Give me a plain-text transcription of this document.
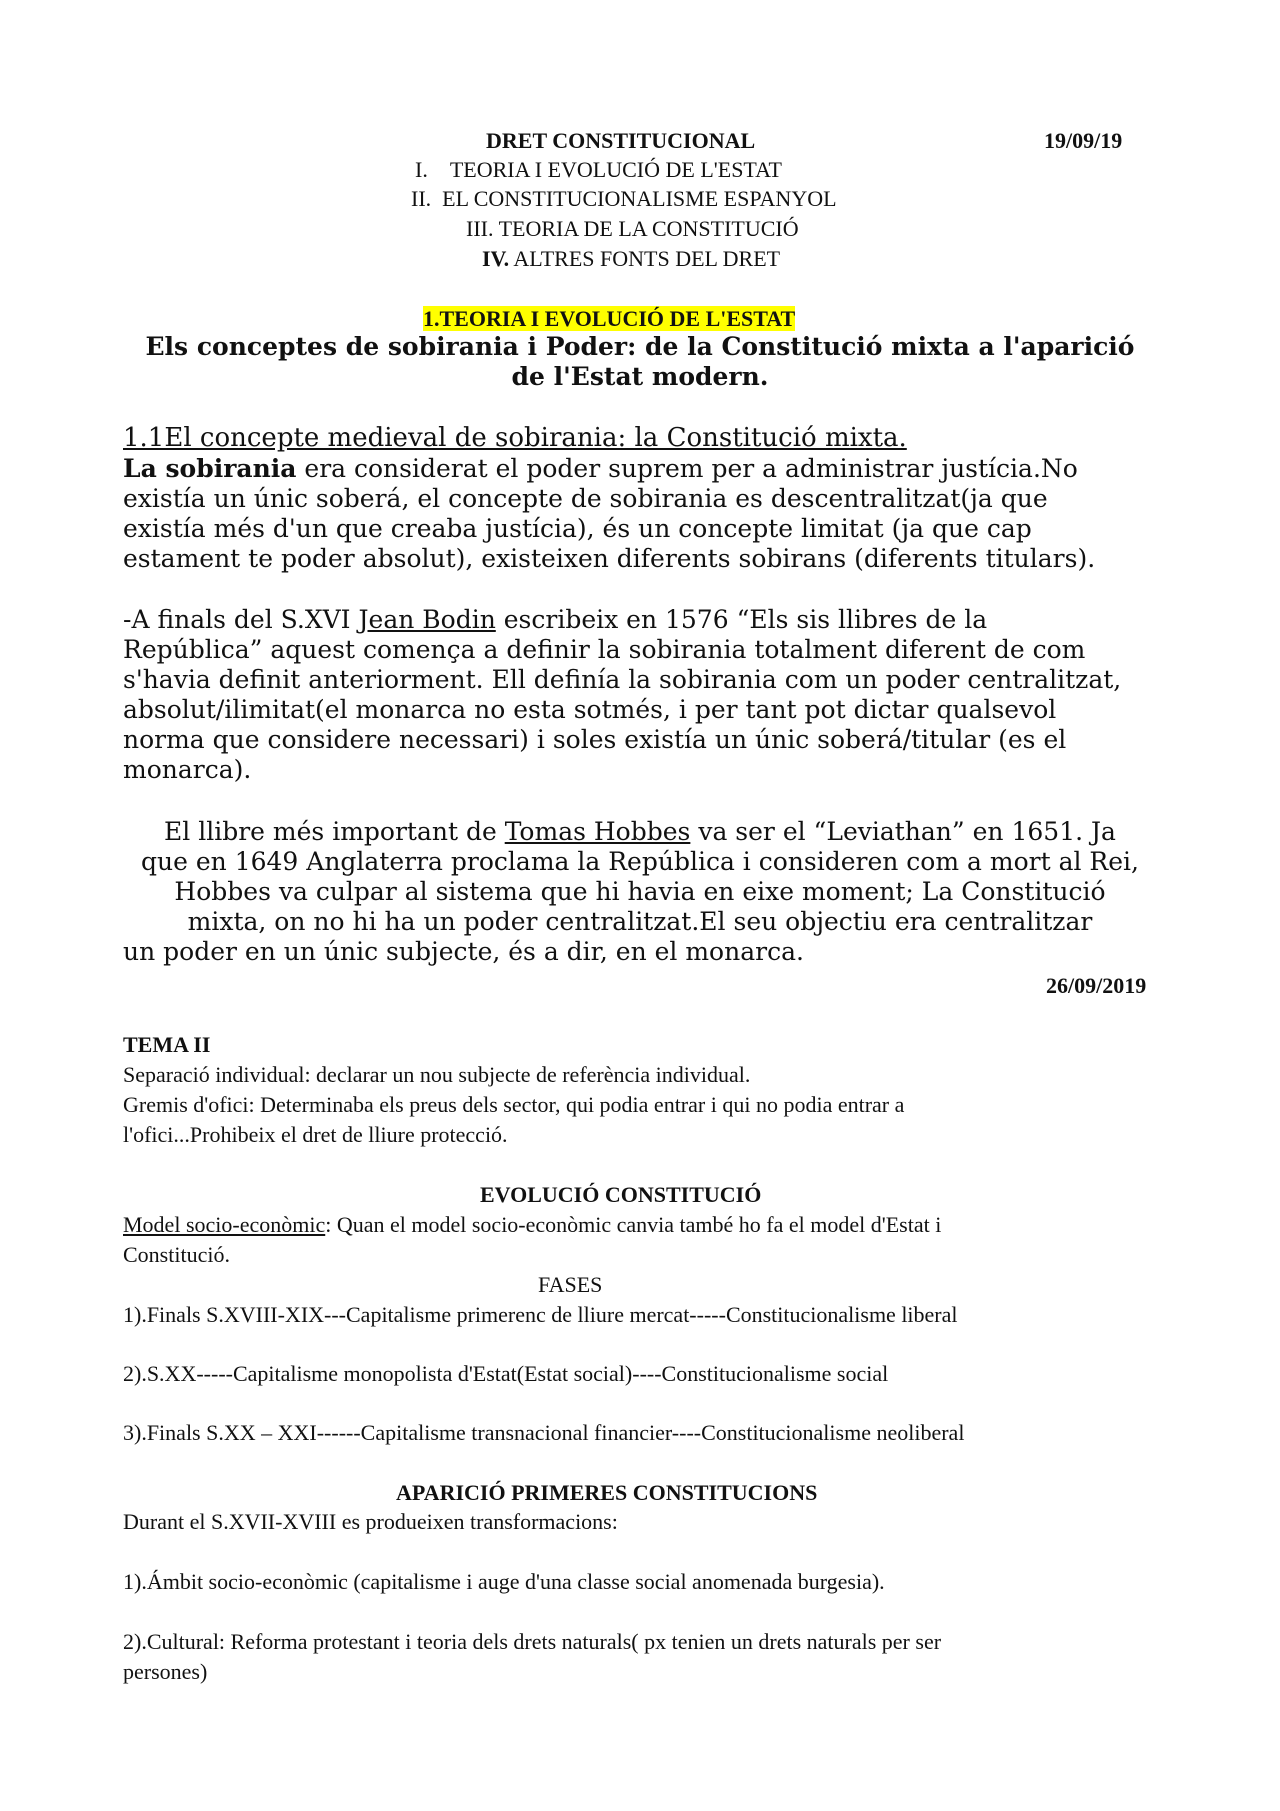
DRET CONSTITUCIONAL	19/09/19
I. TEORIA I EVOLUCIÓ DE L'ESTAT
II. EL CONSTITUCIONALISME ESPANYOL
III. TEORIA DE LA CONSTITUCIÓ
IV. ALTRES FONTS DEL DRET
1.TEORIA I EVOLUCIÓ DE L'ESTAT
Els conceptes de sobirania i Poder: de la Constitució mixta a l'aparició
de l'Estat modern.
1.1El concepte medieval de sobirania: la Constitució mixta.
La sobirania era considerat el poder suprem per a administrar justícia.No
existía un únic soberá, el concepte de sobirania es descentralitzat(ja que
existía més d'un que creaba justícia), és un concepte limitat (ja que cap
estament te poder absolut), existeixen diferents sobirans (diferents titulars).
-A finals del S.XVI Jean Bodin escribeix en 1576 “Els sis llibres de la
República” aquest comença a definir la sobirania totalment diferent de com
s'havia definit anteriorment. Ell definía la sobirania com un poder centralitzat,
absolut/ilimitat(el monarca no esta sotmés, i per tant pot dictar qualsevol
norma que considere necessari) i soles existía un únic soberá/titular (es el
monarca).
El llibre més important de Tomas Hobbes va ser el “Leviathan” en 1651. Ja
que en 1649 Anglaterra proclama la República i consideren com a mort al Rei,
Hobbes va culpar al sistema que hi havia en eixe moment; La Constitució
mixta, on no hi ha un poder centralitzat.El seu objectiu era centralitzar
un poder en un únic subjecte, és a dir, en el monarca.
26/09/2019
TEMA II
Separació individual: declarar un nou subjecte de referència individual.
Gremis d'ofici: Determinaba els preus dels sector, qui podia entrar i qui no podia entrar a
l'ofici...Prohibeix el dret de lliure protecció.
EVOLUCIÓ CONSTITUCIÓ
Model socio-econòmic: Quan el model socio-econòmic canvia també ho fa el model d'Estat i
Constitució.
FASES
1).Finals S.XVIII-XIX---Capitalisme primerenc de lliure mercat-----Constitucionalisme liberal
2).S.XX-----Capitalisme monopolista d'Estat(Estat social)----Constitucionalisme social
3).Finals S.XX – XXI------Capitalisme transnacional financier----Constitucionalisme neoliberal
APARICIÓ PRIMERES CONSTITUCIONS
Durant el S.XVII-XVIII es produeixen transformacions:
1).Ámbit socio-econòmic (capitalisme i auge d'una classe social anomenada burgesia).
2).Cultural: Reforma protestant i teoria dels drets naturals( px tenien un drets naturals per ser
persones)
